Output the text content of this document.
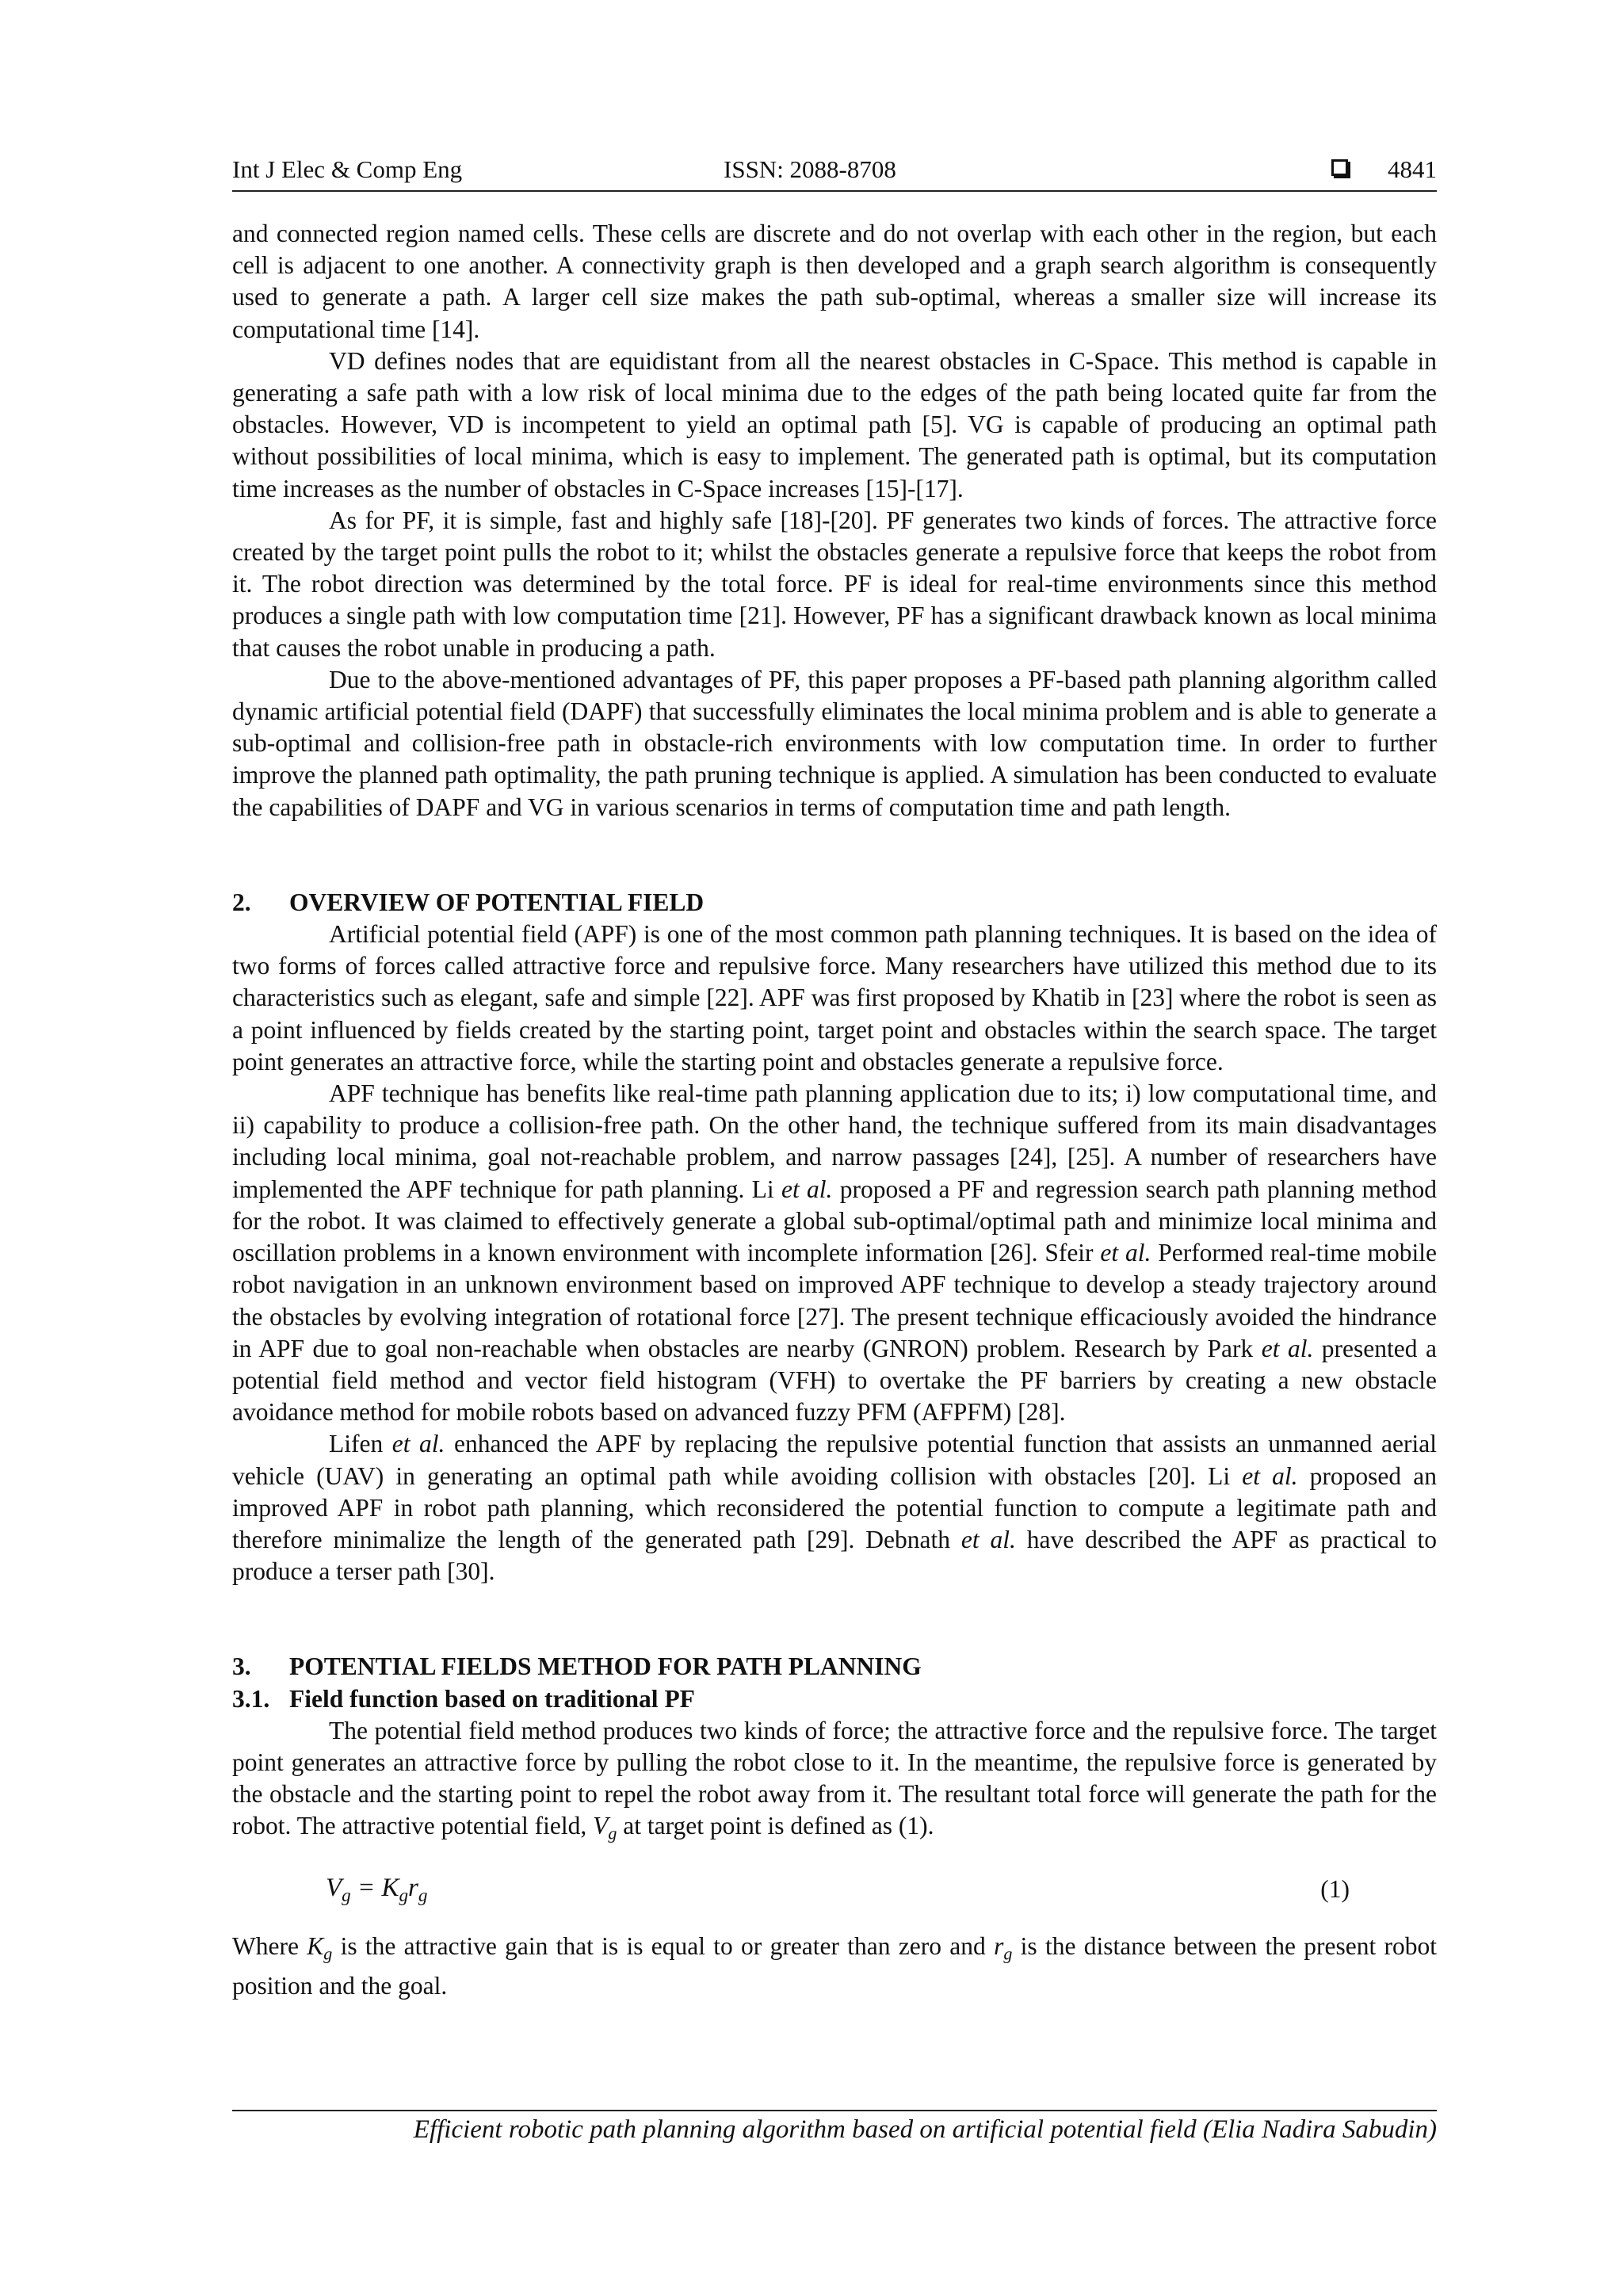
Int J Elec & Comp Eng	ISSN: 2088-8708	4841

and connected region named cells. These cells are discrete and do not overlap with each other in the region, but each cell is adjacent to one another. A connectivity graph is then developed and a graph search algorithm is consequently used to generate a path. A larger cell size makes the path sub-optimal, whereas a smaller size will increase its computational time [14].

VD defines nodes that are equidistant from all the nearest obstacles in C-Space. This method is capable in generating a safe path with a low risk of local minima due to the edges of the path being located quite far from the obstacles. However, VD is incompetent to yield an optimal path [5]. VG is capable of producing an optimal path without possibilities of local minima, which is easy to implement. The generated path is optimal, but its computation time increases as the number of obstacles in C-Space increases [15]-[17].

As for PF, it is simple, fast and highly safe [18]-[20]. PF generates two kinds of forces. The attractive force created by the target point pulls the robot to it; whilst the obstacles generate a repulsive force that keeps the robot from it. The robot direction was determined by the total force. PF is ideal for real-time environments since this method produces a single path with low computation time [21]. However, PF has a significant drawback known as local minima that causes the robot unable in producing a path.

Due to the above-mentioned advantages of PF, this paper proposes a PF-based path planning algorithm called dynamic artificial potential field (DAPF) that successfully eliminates the local minima problem and is able to generate a sub-optimal and collision-free path in obstacle-rich environments with low computation time. In order to further improve the planned path optimality, the path pruning technique is applied. A simulation has been conducted to evaluate the capabilities of DAPF and VG in various scenarios in terms of computation time and path length.

2. OVERVIEW OF POTENTIAL FIELD

Artificial potential field (APF) is one of the most common path planning techniques. It is based on the idea of two forms of forces called attractive force and repulsive force. Many researchers have utilized this method due to its characteristics such as elegant, safe and simple [22]. APF was first proposed by Khatib in [23] where the robot is seen as a point influenced by fields created by the starting point, target point and obstacles within the search space. The target point generates an attractive force, while the starting point and obstacles generate a repulsive force.

APF technique has benefits like real-time path planning application due to its; i) low computational time, and ii) capability to produce a collision-free path. On the other hand, the technique suffered from its main disadvantages including local minima, goal not-reachable problem, and narrow passages [24], [25]. A number of researchers have implemented the APF technique for path planning. Li et al. proposed a PF and regression search path planning method for the robot. It was claimed to effectively generate a global sub-optimal/optimal path and minimize local minima and oscillation problems in a known environment with incomplete information [26]. Sfeir et al. Performed real-time mobile robot navigation in an unknown environment based on improved APF technique to develop a steady trajectory around the obstacles by evolving integration of rotational force [27]. The present technique efficaciously avoided the hindrance in APF due to goal non-reachable when obstacles are nearby (GNRON) problem. Research by Park et al. presented a potential field method and vector field histogram (VFH) to overtake the PF barriers by creating a new obstacle avoidance method for mobile robots based on advanced fuzzy PFM (AFPFM) [28].

Lifen et al. enhanced the APF by replacing the repulsive potential function that assists an unmanned aerial vehicle (UAV) in generating an optimal path while avoiding collision with obstacles [20]. Li et al. proposed an improved APF in robot path planning, which reconsidered the potential function to compute a legitimate path and therefore minimalize the length of the generated path [29]. Debnath et al. have described the APF as practical to produce a terser path [30].

3. POTENTIAL FIELDS METHOD FOR PATH PLANNING

3.1. Field function based on traditional PF

The potential field method produces two kinds of force; the attractive force and the repulsive force. The target point generates an attractive force by pulling the robot close to it. In the meantime, the repulsive force is generated by the obstacle and the starting point to repel the robot away from it. The resultant total force will generate the path for the robot. The attractive potential field, $V_g$ at target point is defined as (1).

$V_g = K_gr_g$	(1)

Where $K_g$ is the attractive gain that is is equal to or greater than zero and $r_g$ is the distance between the present robot position and the goal.

Efficient robotic path planning algorithm based on artificial potential field (Elia Nadira Sabudin)
